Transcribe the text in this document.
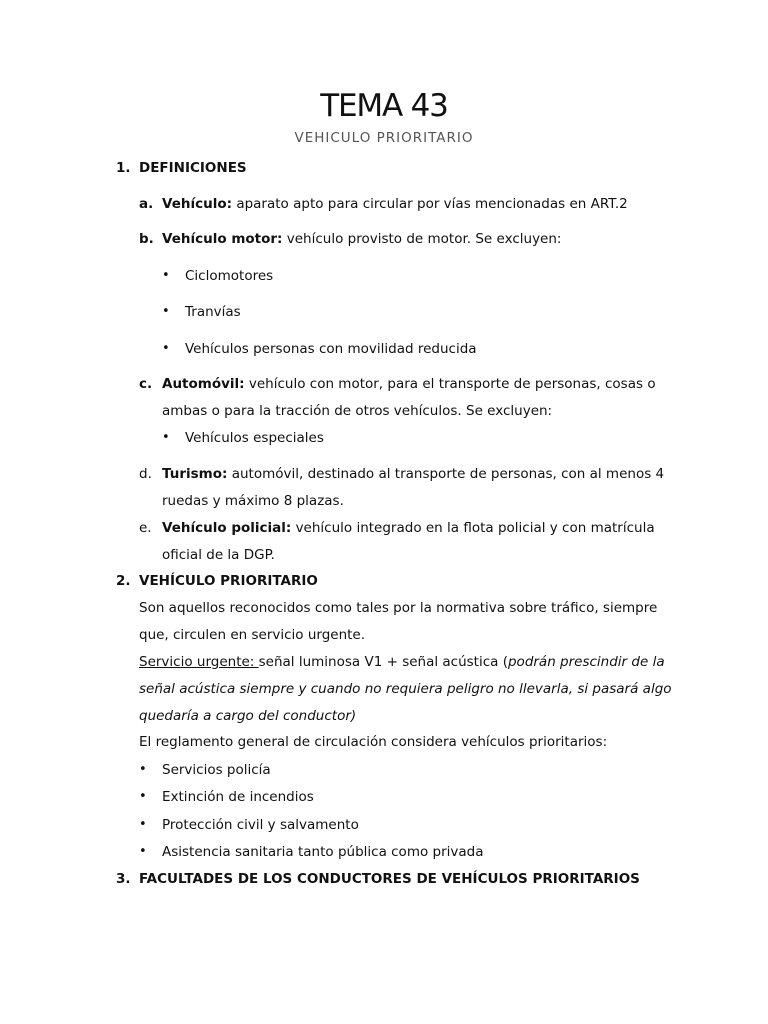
TEMA 43
VEHICULO PRIORITARIO
1. DEFINICIONES
a. Vehículo: aparato apto para circular por vías mencionadas en ART.2
b. Vehículo motor: vehículo provisto de motor. Se excluyen:
• Ciclomotores
• Tranvías
• Vehículos personas con movilidad reducida
c. Automóvil: vehículo con motor, para el transporte de personas, cosas o
ambas o para la tracción de otros vehículos. Se excluyen:
• Vehículos especiales
d. Turismo: automóvil, destinado al transporte de personas, con al menos 4
ruedas y máximo 8 plazas.
e. Vehículo policial: vehículo integrado en la flota policial y con matrícula
oficial de la DGP.
2. VEHÍCULO PRIORITARIO
Son aquellos reconocidos como tales por la normativa sobre tráfico, siempre
que, circulen en servicio urgente.
Servicio urgente: señal luminosa V1 + señal acústica (podrán prescindir de la
señal acústica siempre y cuando no requiera peligro no llevarla, si pasará algo
quedaría a cargo del conductor)
El reglamento general de circulación considera vehículos prioritarios:
• Servicios policía
• Extinción de incendios
• Protección civil y salvamento
• Asistencia sanitaria tanto pública como privada
3. FACULTADES DE LOS CONDUCTORES DE VEHÍCULOS PRIORITARIOS
